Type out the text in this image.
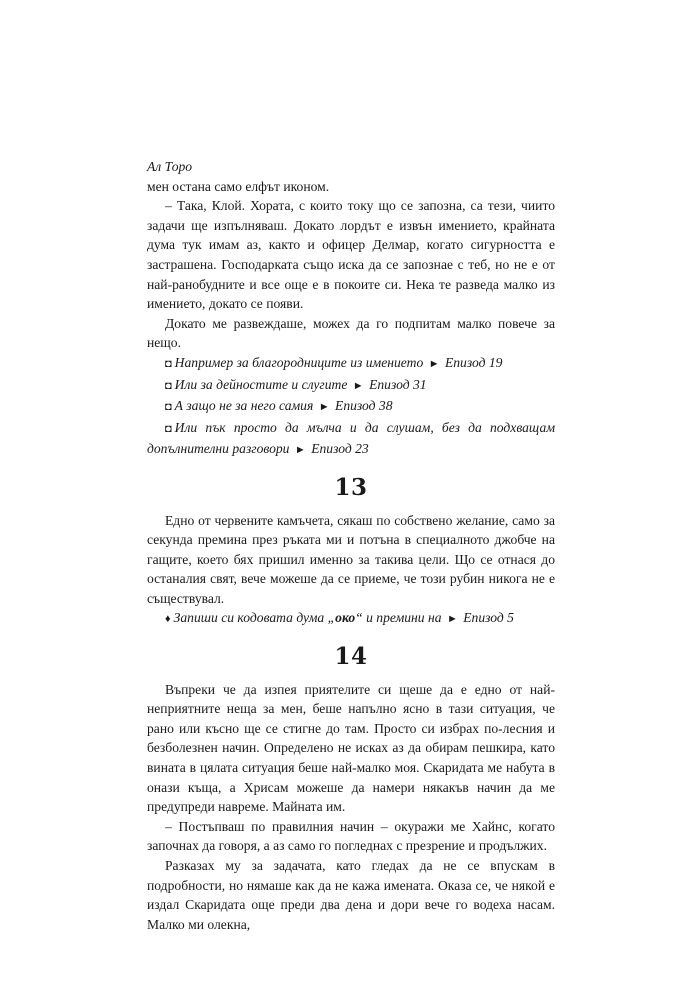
Ал Торо

мен остана само елфът иконом.

– Така, Клой. Хората, с които току що се запозна, са тези, чиито задачи ще изпълняваш. Докато лордът е извън имението, крайната дума тук имам аз, както и офицер Делмар, когато сигурността е застрашена. Господарката също иска да се запознае с теб, но не е от най-ранобудните и все още е в покоите си. Нека те разведа малко из имението, докато се появи.

Докато ме развеждаше, можех да го подпитам малко повече за нещо.

◘ Например за благородниците из имението ► Епизод 19

◘ Или за дейностите и слугите ► Епизод 31

◘ А защо не за него самия ► Епизод 38

◘ Или пък просто да мълча и да слушам, без да подхващам допълнителни разговори ► Епизод 23

13

Едно от червените камъчета, сякаш по собствено желание, само за секунда премина през ръката ми и потъна в специалното джобче на гащите, което бях пришил именно за такива цели. Що се отнася до останалия свят, вече можеше да се приеме, че този рубин никога не е съществувал.

♦ Запиши си кодовата дума „око“ и премини на ► Епизод 5

14

Въпреки че да изпея приятелите си щеше да е едно от най-неприятните неща за мен, беше напълно ясно в тази ситуация, че рано или късно ще се стигне до там. Просто си избрах по-лесния и безболезнен начин. Определено не исках аз да обирам пешкира, като вината в цялата ситуация беше най-малко моя. Скаридата ме набута в онази къща, а Хрисам можеше да намери някакъв начин да ме предупреди навреме. Майната им.

– Постъпваш по правилния начин – окуражи ме Хайнс, когато започнах да говоря, а аз само го погледнах с презрение и продължих.

Разказах му за задачата, като гледах да не се впускам в подробности, но нямаше как да не кажа имената. Оказа се, че някой е издал Скаридата още преди два дена и дори вече го водеха насам. Малко ми олекна,
